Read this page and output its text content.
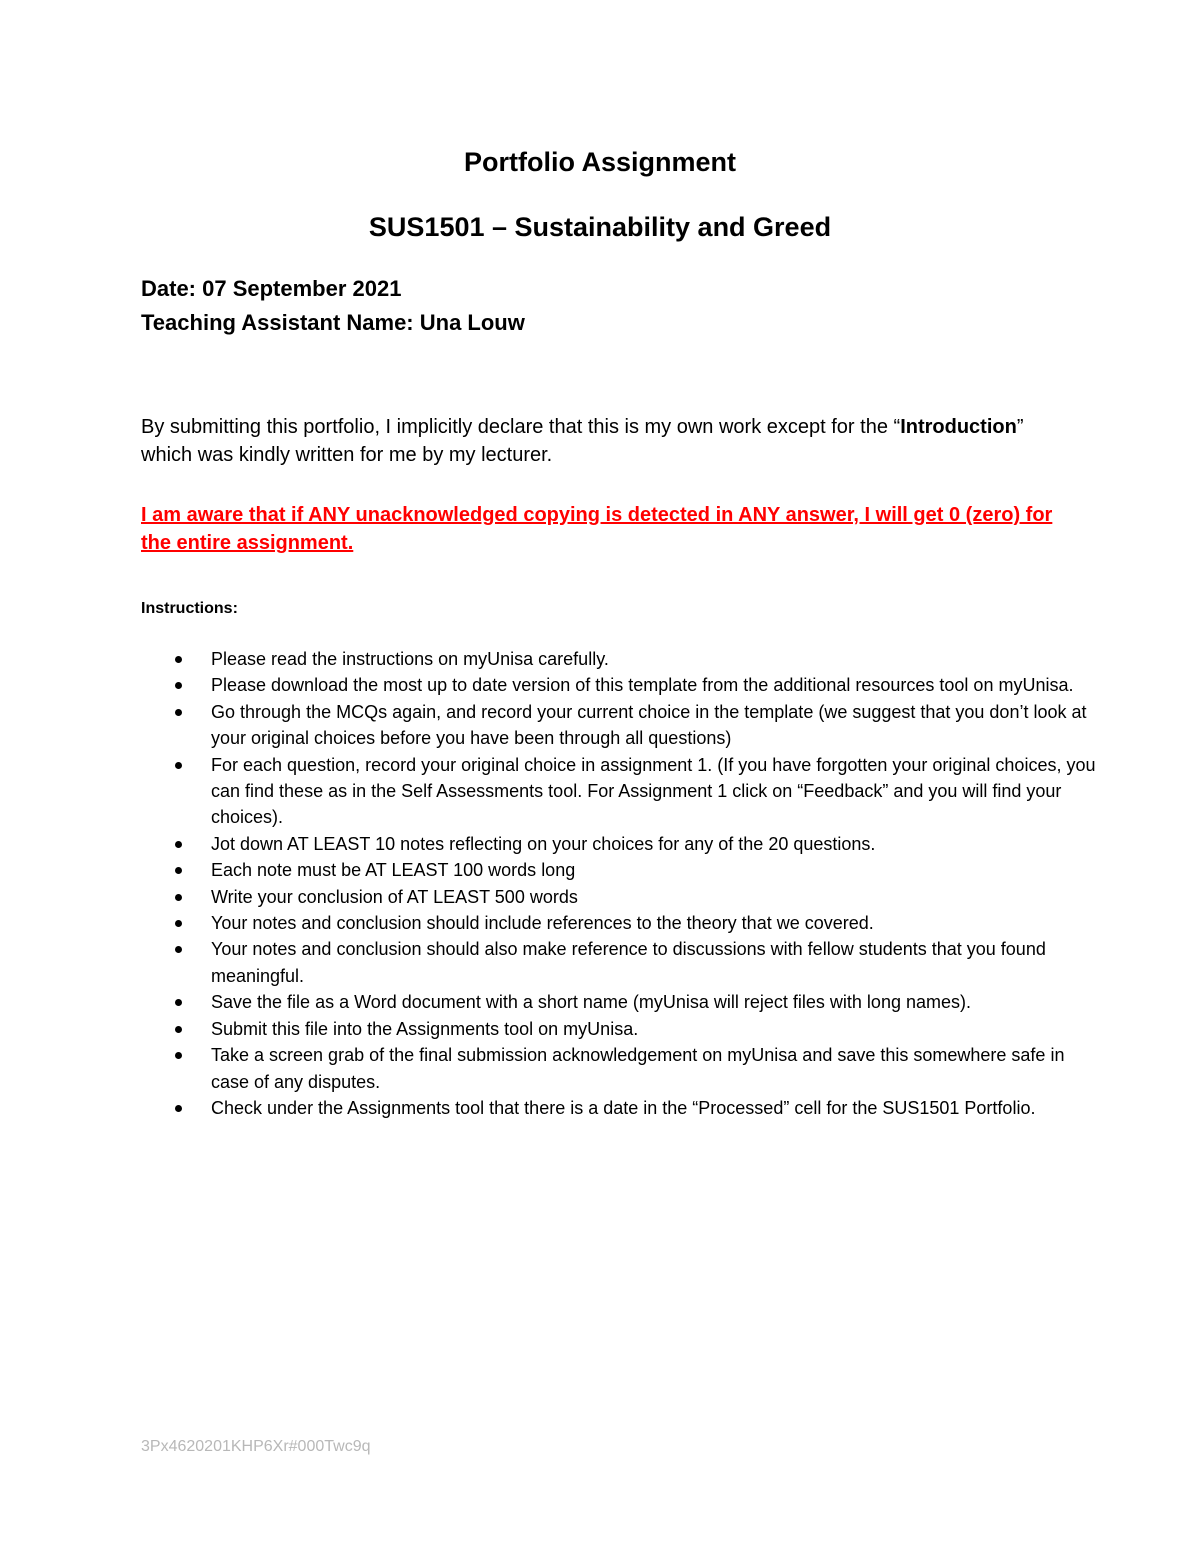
Portfolio Assignment
SUS1501 – Sustainability and Greed
Date: 07 September 2021
Teaching Assistant Name: Una Louw
By submitting this portfolio, I implicitly declare that this is my own work except for the “Introduction” which was kindly written for me by my lecturer.
I am aware that if ANY unacknowledged copying is detected in ANY answer, I will get 0 (zero) for the entire assignment.
Instructions:
Please read the instructions on myUnisa carefully.
Please download the most up to date version of this template from the additional resources tool on myUnisa.
Go through the MCQs again, and record your current choice in the template (we suggest that you don’t look at your original choices before you have been through all questions)
For each question, record your original choice in assignment 1. (If you have forgotten your original choices, you can find these as in the Self Assessments tool. For Assignment 1 click on “Feedback” and you will find your choices).
Jot down AT LEAST 10 notes reflecting on your choices for any of the 20 questions.
Each note must be AT LEAST 100 words long
Write your conclusion of AT LEAST 500 words
Your notes and conclusion should include references to the theory that we covered.
Your notes and conclusion should also make reference to discussions with fellow students that you found meaningful.
Save the file as a Word document with a short name (myUnisa will reject files with long names).
Submit this file into the Assignments tool on myUnisa.
Take a screen grab of the final submission acknowledgement on myUnisa and save this somewhere safe in case of any disputes.
Check under the Assignments tool that there is a date in the “Processed” cell for the SUS1501 Portfolio.
3Px4620201KHP6Xr#000Twc9q
